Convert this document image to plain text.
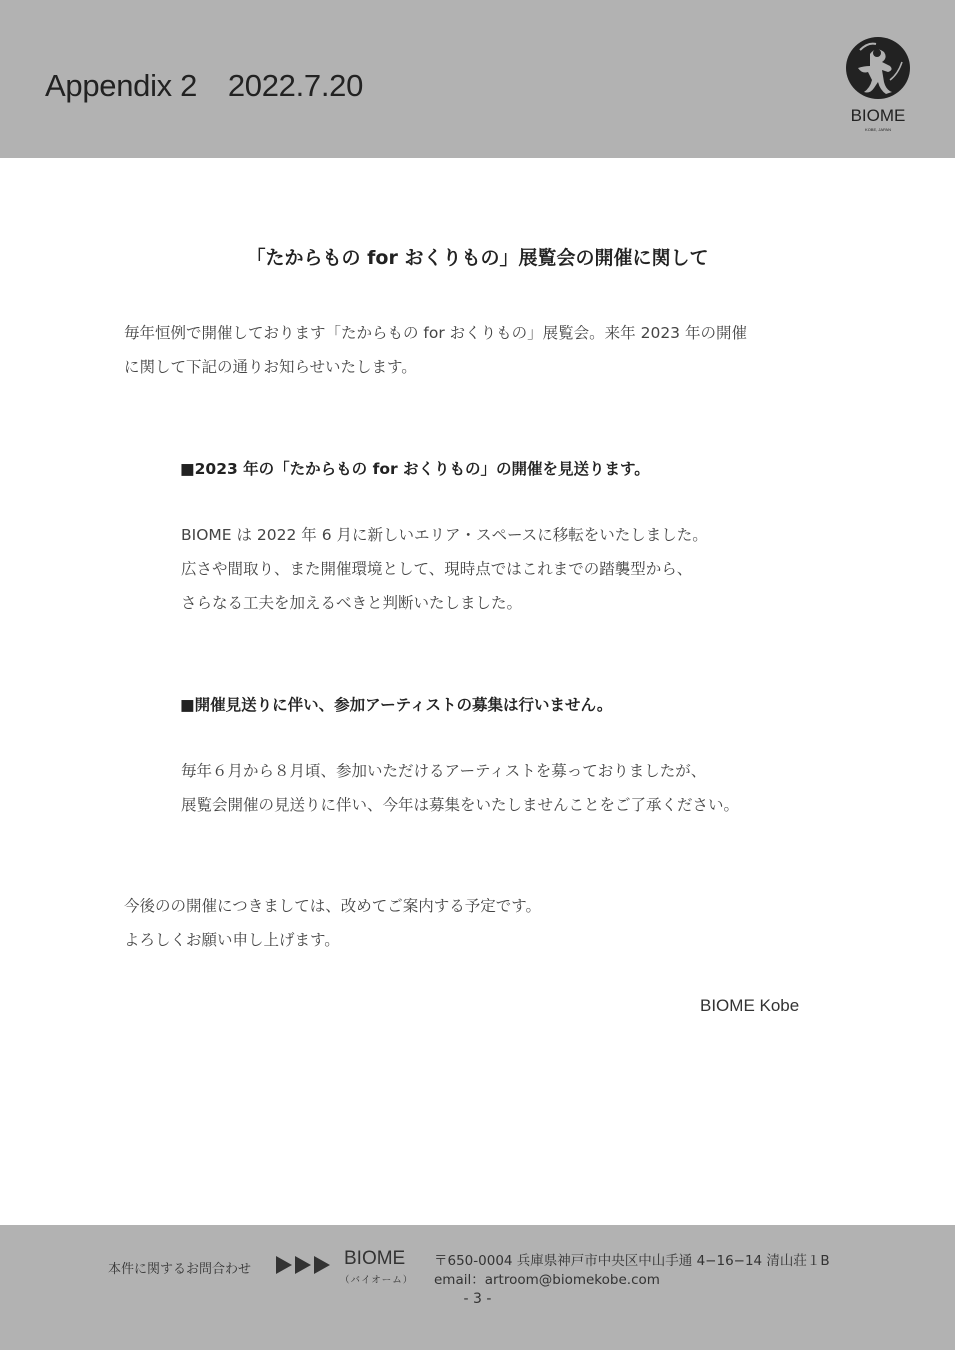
Appendix 2　2022.7.20
BIOME
KOBE, JAPAN
「たからもの for おくりもの」展覧会の開催に関して

毎年恒例で開催しております「たからもの for おくりもの」展覧会。来年 2023 年の開催

に関して下記の通りお知らせいたします。

■2023 年の「たからもの for おくりもの」の開催を見送ります。

BIOME は 2022 年 6 月に新しいエリア・スペースに移転をいたしました。

広さや間取り、また開催環境として、現時点ではこれまでの踏襲型から、

さらなる工夫を加えるべきと判断いたしました。

■開催見送りに伴い、参加アーティストの募集は行いません。

毎年６月から８月頃、参加いただけるアーティストを募っておりましたが、

展覧会開催の見送りに伴い、今年は募集をいたしませんことをご了承ください。

今後のの開催につきましては、改めてご案内する予定です。

よろしくお願い申し上げます。

BIOME Kobe
本件に関するお問合わせ
BIOME
（バイオーム）
〒650-0004 兵庫県神戸市中央区中山手通 4−16−14 清山荘１B
email：artroom@biomekobe.com
- 3 -
